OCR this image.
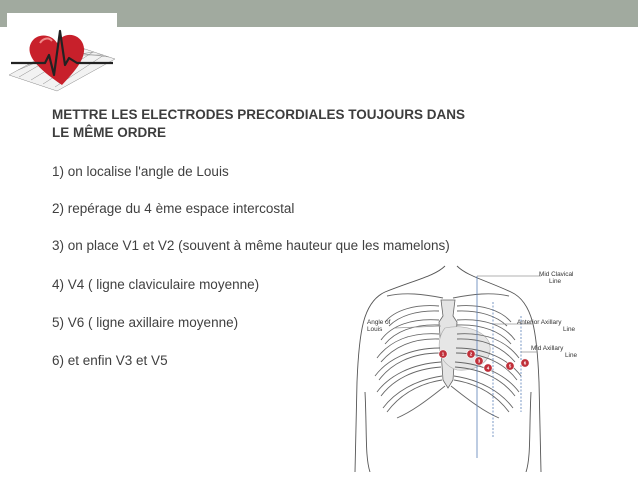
METTRE LES ELECTRODES PRECORDIALES TOUJOURS DANS
LE MÊME ORDRE
1) on localise l'angle de Louis
2) repérage du 4 ème espace intercostal
3) on place V1 et V2 (souvent à même hauteur que les mamelons)
4) V4 ( ligne claviculaire moyenne)
5) V6 ( ligne axillaire moyenne)
6) et enfin V3 et V5
Mid Clavical
Line
Angle of
Louis
Anterior Axillary
Line
Mid Axillary
Line
1	2
3
4	5
6
